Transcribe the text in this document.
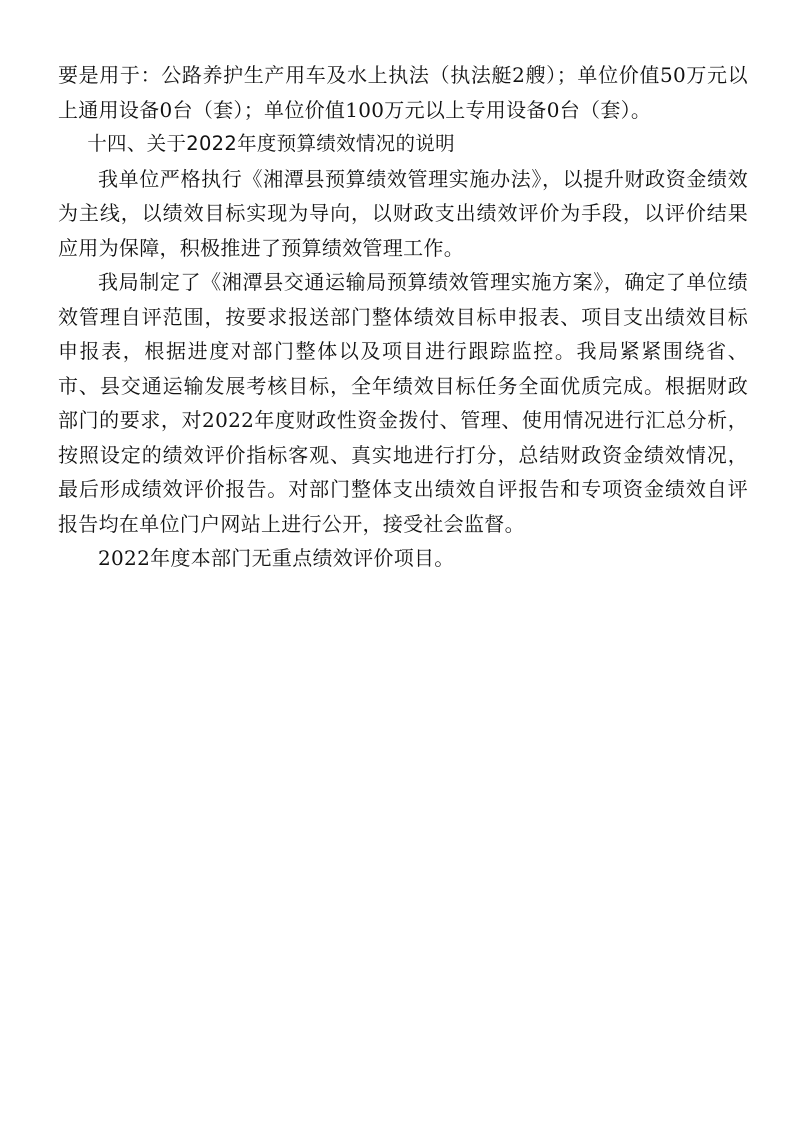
要是用于：公路养护生产用车及水上执法（执法艇2艘）；单位价值50万元以上通用设备0台（套）；单位价值100万元以上专用设备0台（套）。

十四、关于2022年度预算绩效情况的说明

我单位严格执行《湘潭县预算绩效管理实施办法》，以提升财政资金绩效为主线，以绩效目标实现为导向，以财政支出绩效评价为手段，以评价结果应用为保障，积极推进了预算绩效管理工作。

我局制定了《湘潭县交通运输局预算绩效管理实施方案》，确定了单位绩效管理自评范围，按要求报送部门整体绩效目标申报表、项目支出绩效目标申报表，根据进度对部门整体以及项目进行跟踪监控。我局紧紧围绕省、市、县交通运输发展考核目标，全年绩效目标任务全面优质完成。根据财政部门的要求，对2022年度财政性资金拨付、管理、使用情况进行汇总分析，按照设定的绩效评价指标客观、真实地进行打分，总结财政资金绩效情况，最后形成绩效评价报告。对部门整体支出绩效自评报告和专项资金绩效自评报告均在单位门户网站上进行公开，接受社会监督。

2022年度本部门无重点绩效评价项目。
